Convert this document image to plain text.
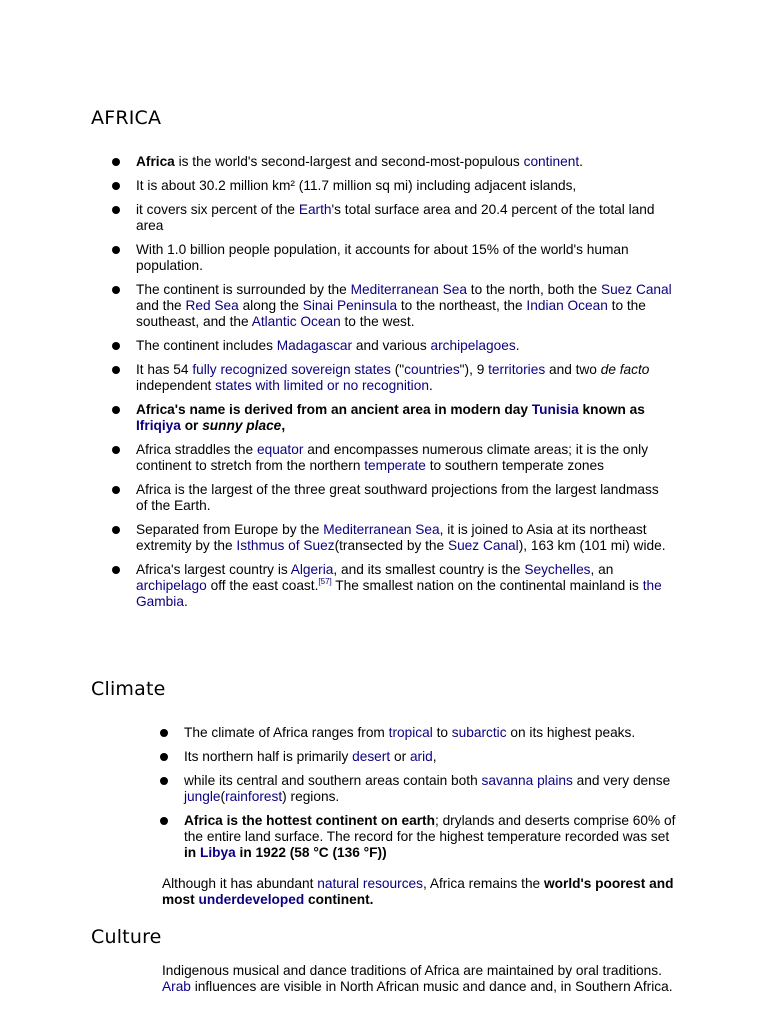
AFRICA
Africa is the world's second-largest and second-most-populous continent.
It is about 30.2 million km² (11.7 million sq mi) including adjacent islands,
it covers six percent of the Earth's total surface area and 20.4 percent of the total land area
With 1.0 billion people population, it accounts for about 15% of the world's human population.
The continent is surrounded by the Mediterranean Sea to the north, both the Suez Canal and the Red Sea along the Sinai Peninsula to the northeast, the Indian Ocean to the southeast, and the Atlantic Ocean to the west.
The continent includes Madagascar and various archipelagoes.
It has 54 fully recognized sovereign states ("countries"), 9 territories and two de facto independent states with limited or no recognition.
Africa's name is derived from an ancient area in modern day Tunisia known as Ifriqiya or sunny place,
Africa straddles the equator and encompasses numerous climate areas; it is the only continent to stretch from the northern temperate to southern temperate zones
Africa is the largest of the three great southward projections from the largest landmass of the Earth.
Separated from Europe by the Mediterranean Sea, it is joined to Asia at its northeast extremity by the Isthmus of Suez(transected by the Suez Canal), 163 km (101 mi) wide.
Africa's largest country is Algeria, and its smallest country is the Seychelles, an archipelago off the east coast.[57] The smallest nation on the continental mainland is the Gambia.
Climate
The climate of Africa ranges from tropical to subarctic on its highest peaks.
Its northern half is primarily desert or arid,
while its central and southern areas contain both savanna plains and very dense jungle(rainforest) regions.
Africa is the hottest continent on earth; drylands and deserts comprise 60% of the entire land surface. The record for the highest temperature recorded was set in Libya in 1922 (58 °C (136 °F))

Although it has abundant natural resources, Africa remains the world's poorest and most underdeveloped continent.

Culture

Indigenous musical and dance traditions of Africa are maintained by oral traditions. Arab influences are visible in North African music and dance and, in Southern Africa.
